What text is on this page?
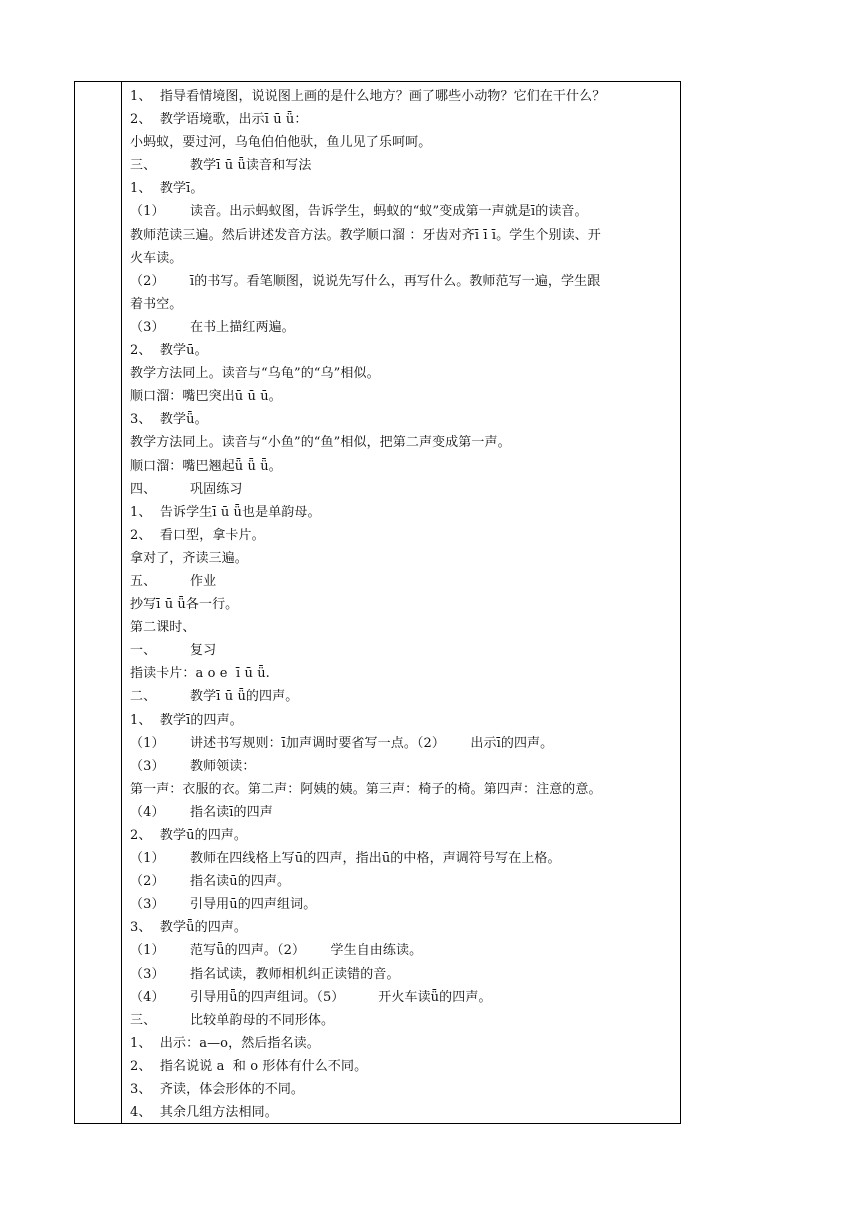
1、  指导看情境图，说说图上画的是什么地方？画了哪些小动物？它们在干什么？
2、  教学语境歌，出示ī ū ǖ：
小蚂蚁，要过河，乌龟伯伯他驮，鱼儿见了乐呵呵。
三、        教学ī ū ǖ读音和写法
1、  教学ī。
（1）      读音。出示蚂蚁图，告诉学生，蚂蚁的“蚁”变成第一声就是ī的读音。
教师范读三遍。然后讲述发音方法。教学顺口溜 ：牙齿对齐ī ī ī。学生个别读、开
火车读。
（2）      ī的书写。看笔顺图，说说先写什么，再写什么。教师范写一遍，学生跟
着书空。
（3）      在书上描红两遍。
2、  教学ū。
教学方法同上。读音与“乌龟”的“乌”相似。
顺口溜：嘴巴突出ū ū ū。
3、  教学ǖ。
教学方法同上。读音与“小鱼”的“鱼”相似，把第二声变成第一声。
顺口溜：嘴巴翘起ǖ ǖ ǖ。
四、        巩固练习
1、  告诉学生ī ū ǖ也是单韵母。
2、  看口型，拿卡片。
拿对了，齐读三遍。
五、        作业
抄写ī ū ǖ各一行。
第二课时、
一、        复习
指读卡片：a o e  ī ū ǖ.
二、        教学ī ū ǖ的四声。
1、  教学ī的四声。
（1）      讲述书写规则：ī加声调时要省写一点。（2）      出示ī的四声。
（3）      教师领读：
第一声：衣服的衣。第二声：阿姨的姨。第三声：椅子的椅。第四声：注意的意。
（4）      指名读ī的四声
2、  教学ū的四声。
（1）      教师在四线格上写ū的四声，指出ū的中格，声调符号写在上格。
（2）      指名读ū的四声。
（3）      引导用ū的四声组词。
3、  教学ǖ的四声。
（1）      范写ǖ的四声。（2）      学生自由练读。
（3）      指名试读，教师相机纠正读错的音。
（4）      引导用ǖ的四声组词。（5）        开火车读ǖ的四声。
三、        比较单韵母的不同形体。
1、  出示：a—o，然后指名读。
2、  指名说说 a  和 o 形体有什么不同。
3、  齐读，体会形体的不同。
4、  其余几组方法相同。
